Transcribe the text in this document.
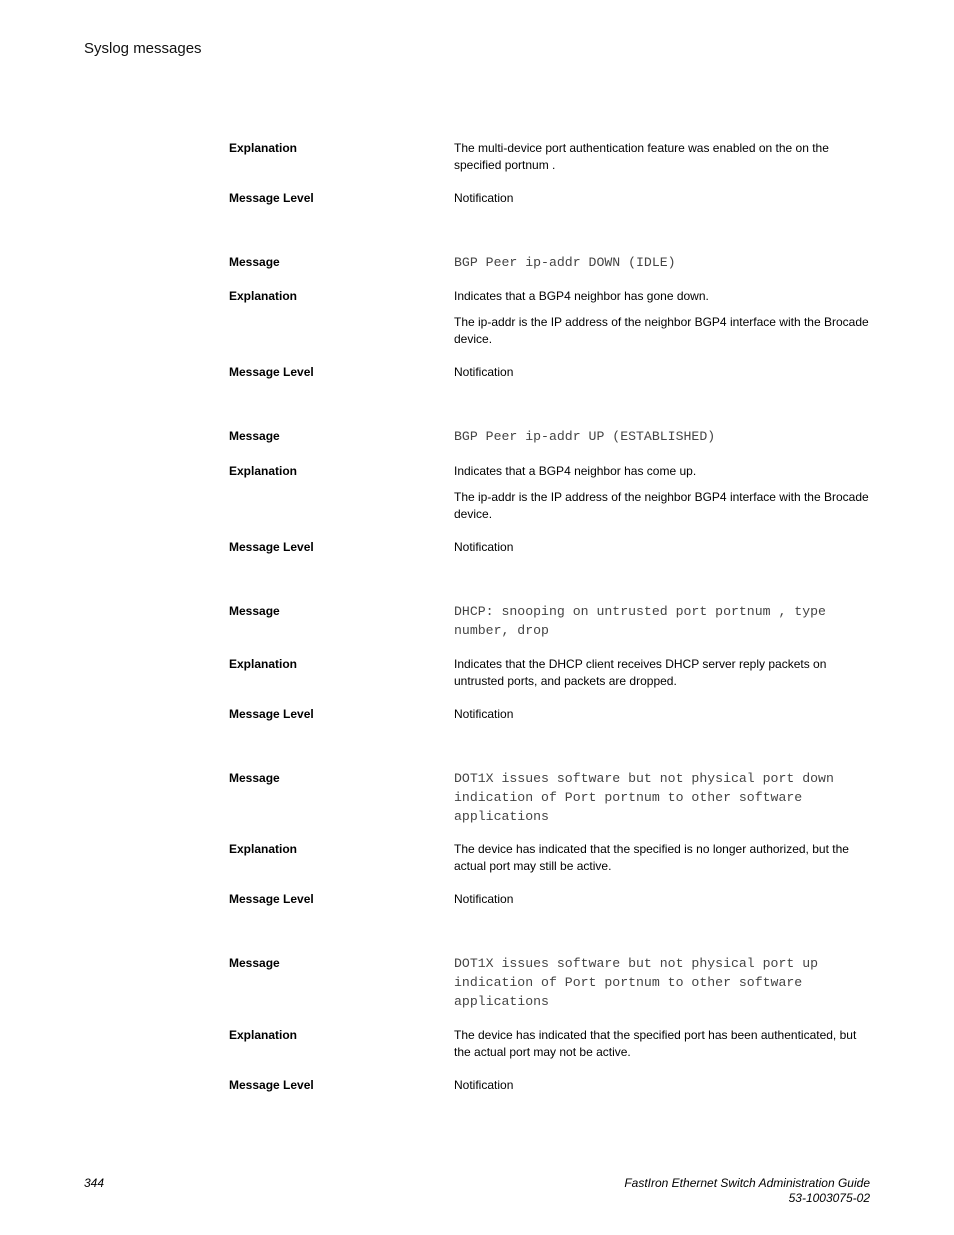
Syslog messages
Explanation	The multi-device port authentication feature was enabled on the on the specified portnum .

Message Level	Notification
Message	BGP Peer ip-addr DOWN (IDLE)
Explanation	Indicates that a BGP4 neighbor has gone down.

The ip-addr is the IP address of the neighbor BGP4 interface with the Brocade device.

Message Level	Notification
Message	BGP Peer ip-addr UP (ESTABLISHED)
Explanation	Indicates that a BGP4 neighbor has come up.

The ip-addr is the IP address of the neighbor BGP4 interface with the Brocade device.

Message Level	Notification
Message	DHCP: snooping on untrusted port portnum , type number, drop
Explanation	Indicates that the DHCP client receives DHCP server reply packets on untrusted ports, and packets are dropped.

Message Level	Notification
Message	DOT1X issues software but not physical port down indication of Port portnum to other software applications
Explanation	The device has indicated that the specified is no longer authorized, but the actual port may still be active.

Message Level	Notification
Message	DOT1X issues software but not physical port up indication of Port portnum to other software applications
Explanation	The device has indicated that the specified port has been authenticated, but the actual port may not be active.

Message Level	Notification
344	FastIron Ethernet Switch Administration Guide
53-1003075-02
